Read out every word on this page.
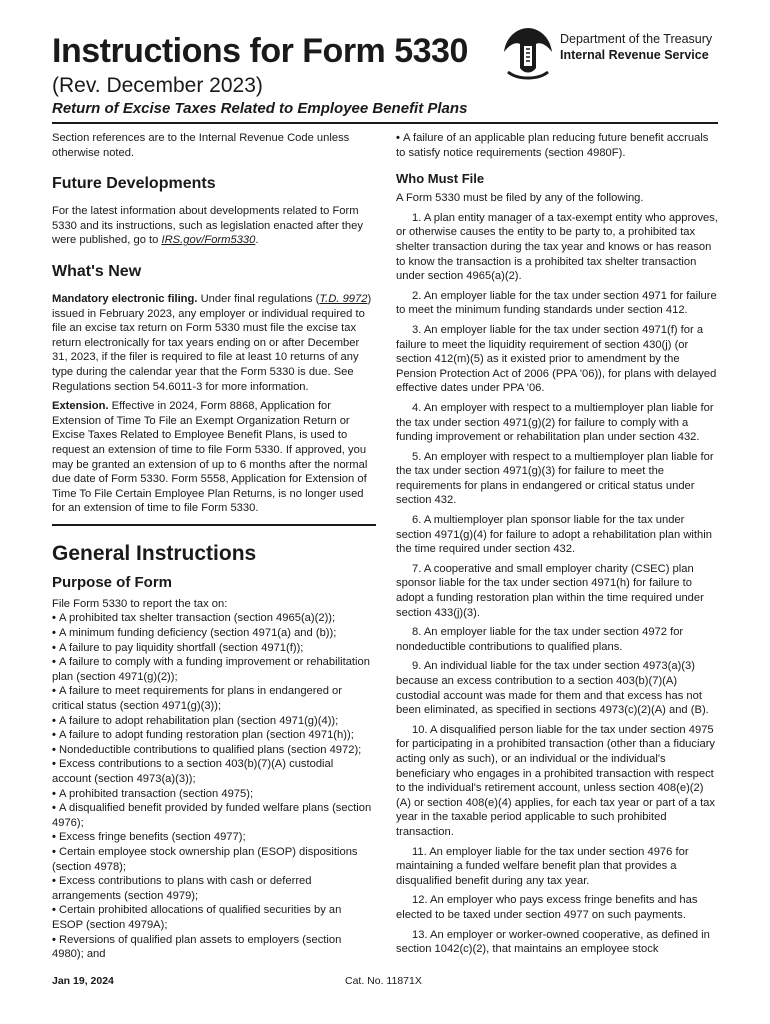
Instructions for Form 5330
(Rev. December 2023)
Return of Excise Taxes Related to Employee Benefit Plans
Department of the Treasury
Internal Revenue Service

Section references are to the Internal Revenue Code unless otherwise noted.

Future Developments

For the latest information about developments related to Form 5330 and its instructions, such as legislation enacted after they were published, go to IRS.gov/Form5330.

What's New

Mandatory electronic filing. Under final regulations (T.D. 9972) issued in February 2023, any employer or individual required to file an excise tax return on Form 5330 must file the excise tax return electronically for tax years ending on or after December 31, 2023, if the filer is required to file at least 10 returns of any type during the calendar year that the Form 5330 is due. See Regulations section 54.6011-3 for more information.

Extension. Effective in 2024, Form 8868, Application for Extension of Time To File an Exempt Organization Return or Excise Taxes Related to Employee Benefit Plans, is used to request an extension of time to file Form 5330. If approved, you may be granted an extension of up to 6 months after the normal due date of Form 5330. Form 5558, Application for Extension of Time To File Certain Employee Plan Returns, is no longer used for an extension of time to file Form 5330.

General Instructions
Purpose of Form

File Form 5330 to report the tax on:

• A prohibited tax shelter transaction (section 4965(a)(2));

• A minimum funding deficiency (section 4971(a) and (b));

• A failure to pay liquidity shortfall (section 4971(f));

• A failure to comply with a funding improvement or rehabilitation plan (section 4971(g)(2));

• A failure to meet requirements for plans in endangered or critical status (section 4971(g)(3));

• A failure to adopt rehabilitation plan (section 4971(g)(4));

• A failure to adopt funding restoration plan (section 4971(h));

• Nondeductible contributions to qualified plans (section 4972);

• Excess contributions to a section 403(b)(7)(A) custodial account (section 4973(a)(3));

• A prohibited transaction (section 4975);

• A disqualified benefit provided by funded welfare plans (section 4976);

• Excess fringe benefits (section 4977);

• Certain employee stock ownership plan (ESOP) dispositions (section 4978);

• Excess contributions to plans with cash or deferred arrangements (section 4979);

• Certain prohibited allocations of qualified securities by an ESOP (section 4979A);

• Reversions of qualified plan assets to employers (section 4980); and

• A failure of an applicable plan reducing future benefit accruals to satisfy notice requirements (section 4980F).

Who Must File

A Form 5330 must be filed by any of the following.

1. A plan entity manager of a tax-exempt entity who approves, or otherwise causes the entity to be party to, a prohibited tax shelter transaction during the tax year and knows or has reason to know the transaction is a prohibited tax shelter transaction under section 4965(a)(2).

2. An employer liable for the tax under section 4971 for failure to meet the minimum funding standards under section 412.

3. An employer liable for the tax under section 4971(f) for a failure to meet the liquidity requirement of section 430(j) (or section 412(m)(5) as it existed prior to amendment by the Pension Protection Act of 2006 (PPA '06)), for plans with delayed effective dates under PPA '06.

4. An employer with respect to a multiemployer plan liable for the tax under section 4971(g)(2) for failure to comply with a funding improvement or rehabilitation plan under section 432.

5. An employer with respect to a multiemployer plan liable for the tax under section 4971(g)(3) for failure to meet the requirements for plans in endangered or critical status under section 432.

6. A multiemployer plan sponsor liable for the tax under section 4971(g)(4) for failure to adopt a rehabilitation plan within the time required under section 432.

7. A cooperative and small employer charity (CSEC) plan sponsor liable for the tax under section 4971(h) for failure to adopt a funding restoration plan within the time required under section 433(j)(3).

8. An employer liable for the tax under section 4972 for nondeductible contributions to qualified plans.

9. An individual liable for the tax under section 4973(a)(3) because an excess contribution to a section 403(b)(7)(A) custodial account was made for them and that excess has not been eliminated, as specified in sections 4973(c)(2)(A) and (B).

10. A disqualified person liable for the tax under section 4975 for participating in a prohibited transaction (other than a fiduciary acting only as such), or an individual or the individual's beneficiary who engages in a prohibited transaction with respect to the individual's retirement account, unless section 408(e)(2)(A) or section 408(e)(4) applies, for each tax year or part of a tax year in the taxable period applicable to such prohibited transaction.

11. An employer liable for the tax under section 4976 for maintaining a funded welfare benefit plan that provides a disqualified benefit during any tax year.

12. An employer who pays excess fringe benefits and has elected to be taxed under section 4977 on such payments.

13. An employer or worker-owned cooperative, as defined in section 1042(c)(2), that maintains an employee stock

Jan 19, 2024	Cat. No. 11871X
